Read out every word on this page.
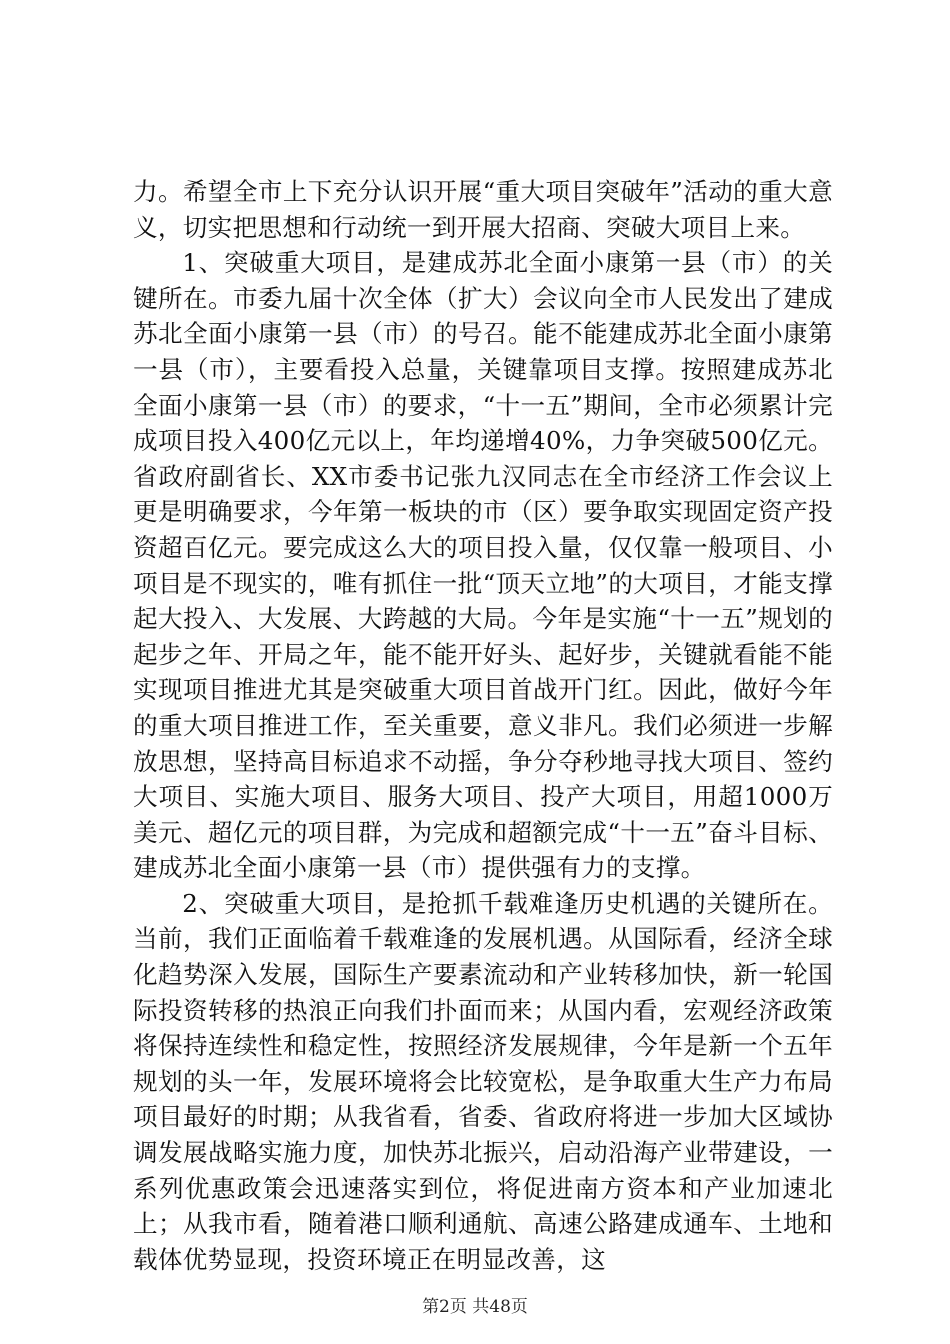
力。希望全市上下充分认识开展“重大项目突破年”活动的重大意义，切实把思想和行动统一到开展大招商、突破大项目上来。

1、突破重大项目，是建成苏北全面小康第一县（市）的关键所在。市委九届十次全体（扩大）会议向全市人民发出了建成苏北全面小康第一县（市）的号召。能不能建成苏北全面小康第一县（市），主要看投入总量，关键靠项目支撑。按照建成苏北全面小康第一县（市）的要求，“十一五”期间，全市必须累计完成项目投入400亿元以上，年均递增40%，力争突破500亿元。省政府副省长、XX市委书记张九汉同志在全市经济工作会议上更是明确要求，今年第一板块的市（区）要争取实现固定资产投资超百亿元。要完成这么大的项目投入量，仅仅靠一般项目、小项目是不现实的，唯有抓住一批“顶天立地”的大项目，才能支撑起大投入、大发展、大跨越的大局。今年是实施“十一五”规划的起步之年、开局之年，能不能开好头、起好步，关键就看能不能实现项目推进尤其是突破重大项目首战开门红。因此，做好今年的重大项目推进工作，至关重要，意义非凡。我们必须进一步解放思想，坚持高目标追求不动摇，争分夺秒地寻找大项目、签约大项目、实施大项目、服务大项目、投产大项目，用超1000万美元、超亿元的项目群，为完成和超额完成“十一五”奋斗目标、建成苏北全面小康第一县（市）提供强有力的支撑。

2、突破重大项目，是抢抓千载难逢历史机遇的关键所在。当前，我们正面临着千载难逢的发展机遇。从国际看，经济全球化趋势深入发展，国际生产要素流动和产业转移加快，新一轮国际投资转移的热浪正向我们扑面而来；从国内看，宏观经济政策将保持连续性和稳定性，按照经济发展规律，今年是新一个五年规划的头一年，发展环境将会比较宽松，是争取重大生产力布局项目最好的时期；从我省看，省委、省政府将进一步加大区域协调发展战略实施力度，加快苏北振兴，启动沿海产业带建设，一系列优惠政策会迅速落实到位，将促进南方资本和产业加速北上；从我市看，随着港口顺利通航、高速公路建成通车、土地和载体优势显现，投资环境正在明显改善，这

第2页 共48页
